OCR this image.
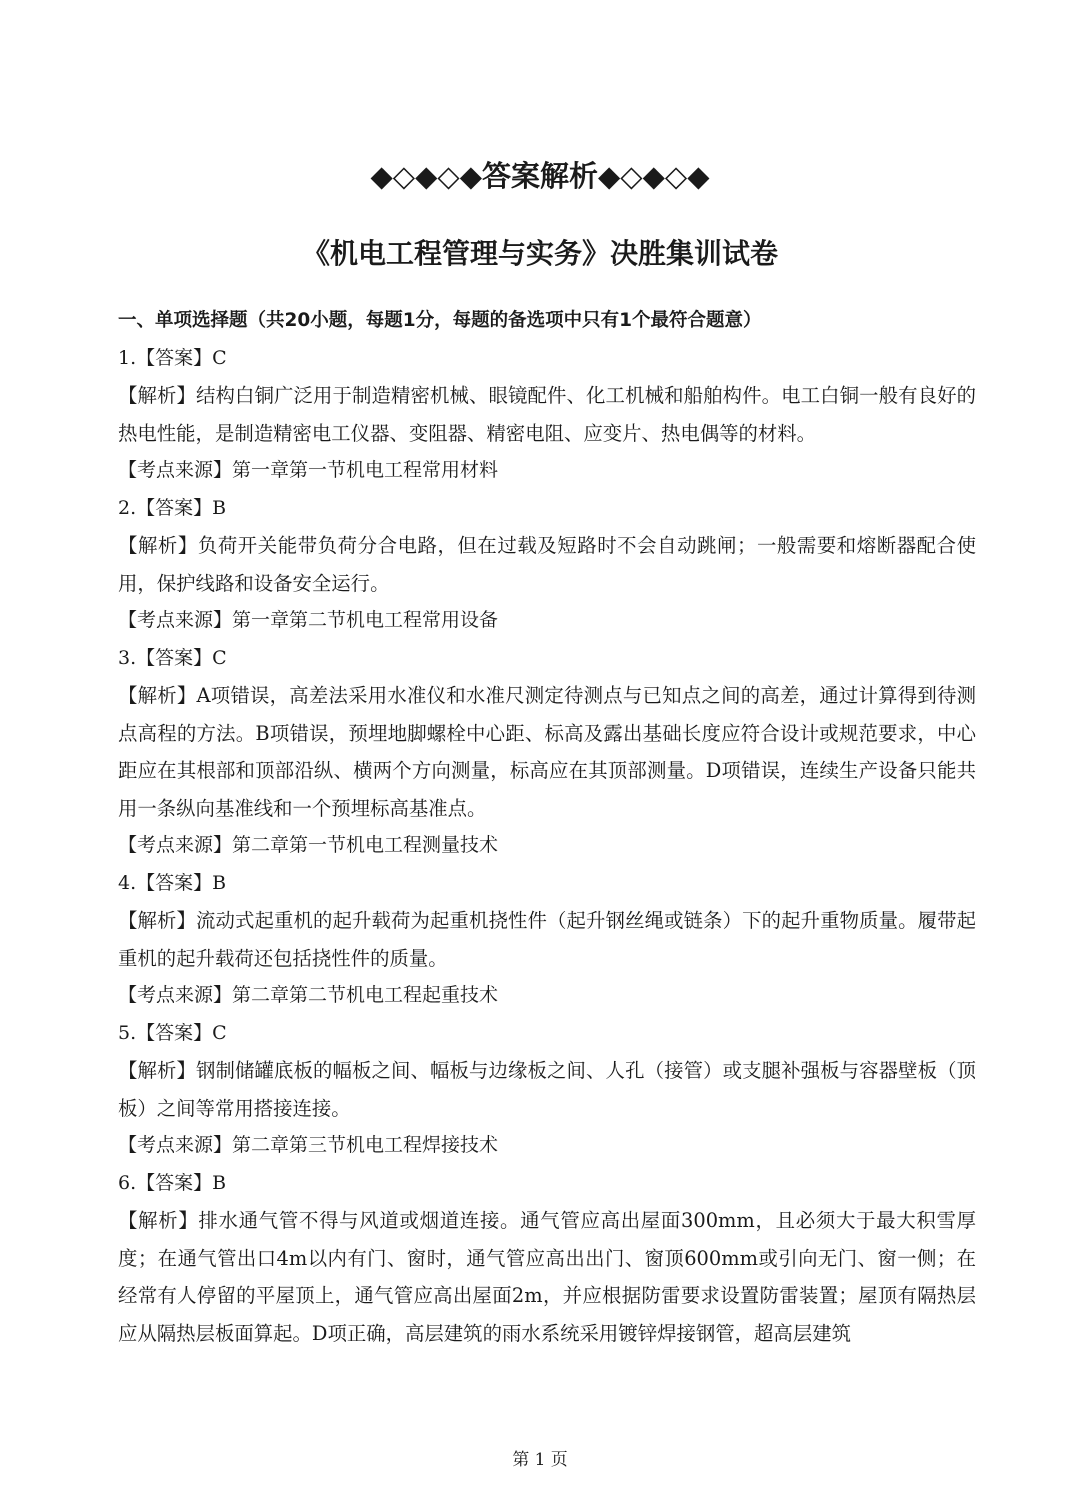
◆◇◆◇◆答案解析◆◇◆◇◆
《机电工程管理与实务》决胜集训试卷
一、单项选择题（共20小题，每题1分，每题的备选项中只有1个最符合题意）
1.【答案】C
【解析】结构白铜广泛用于制造精密机械、眼镜配件、化工机械和船舶构件。电工白铜一般有良好的热电性能，是制造精密电工仪器、变阻器、精密电阻、应变片、热电偶等的材料。
【考点来源】第一章第一节机电工程常用材料
2.【答案】B
【解析】负荷开关能带负荷分合电路，但在过载及短路时不会自动跳闸；一般需要和熔断器配合使用，保护线路和设备安全运行。
【考点来源】第一章第二节机电工程常用设备
3.【答案】C
【解析】A项错误，高差法采用水准仪和水准尺测定待测点与已知点之间的高差，通过计算得到待测点高程的方法。B项错误，预埋地脚螺栓中心距、标高及露出基础长度应符合设计或规范要求，中心距应在其根部和顶部沿纵、横两个方向测量，标高应在其顶部测量。D项错误，连续生产设备只能共用一条纵向基准线和一个预埋标高基准点。
【考点来源】第二章第一节机电工程测量技术
4.【答案】B
【解析】流动式起重机的起升载荷为起重机挠性件（起升钢丝绳或链条）下的起升重物质量。履带起重机的起升载荷还包括挠性件的质量。
【考点来源】第二章第二节机电工程起重技术
5.【答案】C
【解析】钢制储罐底板的幅板之间、幅板与边缘板之间、人孔（接管）或支腿补强板与容器壁板（顶板）之间等常用搭接连接。
【考点来源】第二章第三节机电工程焊接技术
6.【答案】B
【解析】排水通气管不得与风道或烟道连接。通气管应高出屋面300mm，且必须大于最大积雪厚度；在通气管出口4m以内有门、窗时，通气管应高出出门、窗顶600mm或引向无门、窗一侧；在经常有人停留的平屋顶上，通气管应高出屋面2m，并应根据防雷要求设置防雷装置；屋顶有隔热层应从隔热层板面算起。D项正确，高层建筑的雨水系统采用镀锌焊接钢管，超高层建筑
第 1 页
